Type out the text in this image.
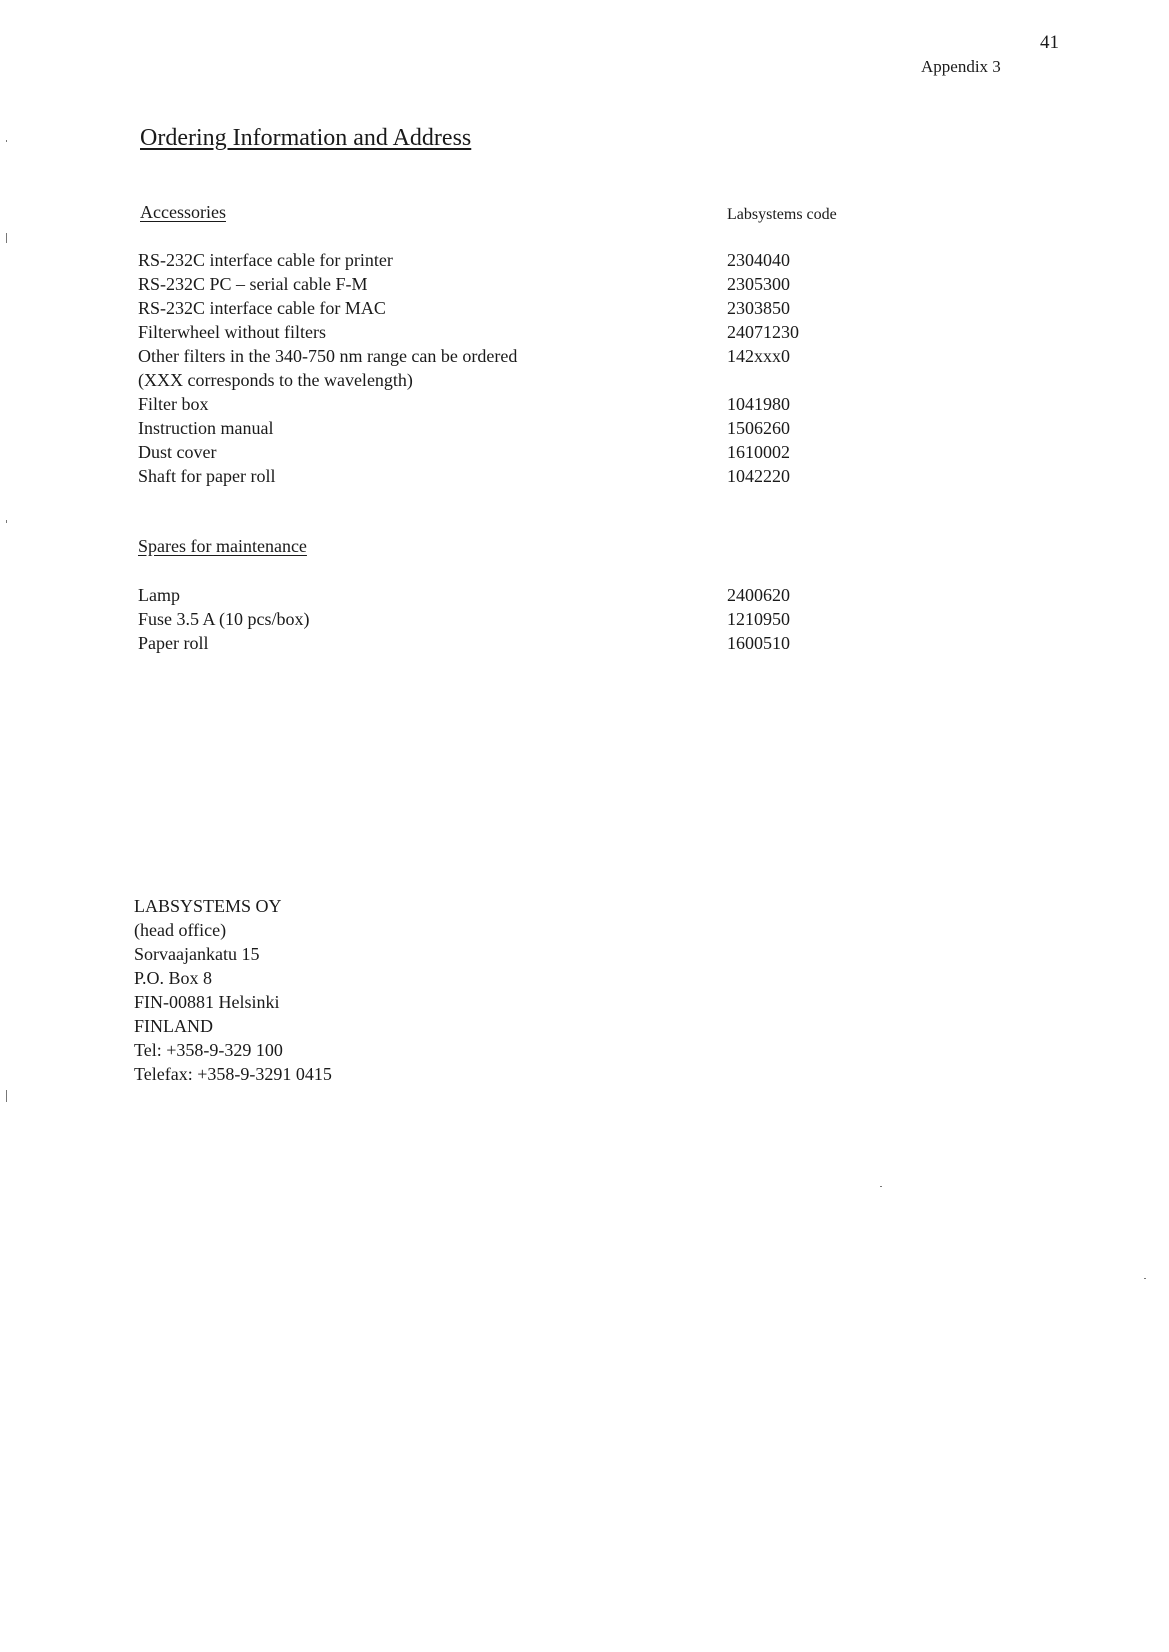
41
Appendix 3
Ordering Information and Address
Accessories	Labsystems code
RS-232C interface cable for printer	2304040
RS-232C PC – serial cable F-M	2305300
RS-232C interface cable for MAC	2303850
Filterwheel without filters	24071230
Other filters in the 340-750 nm range can be ordered	142xxx0
(XXX corresponds to the wavelength)
Filter box	1041980
Instruction manual	1506260
Dust cover	1610002
Shaft for paper roll	1042220
Spares for maintenance
Lamp	2400620
Fuse 3.5 A (10 pcs/box)	1210950
Paper roll	1600510
LABSYSTEMS OY
(head office)
Sorvaajankatu 15
P.O. Box 8
FIN-00881 Helsinki
FINLAND
Tel: +358-9-329 100
Telefax: +358-9-3291 0415
